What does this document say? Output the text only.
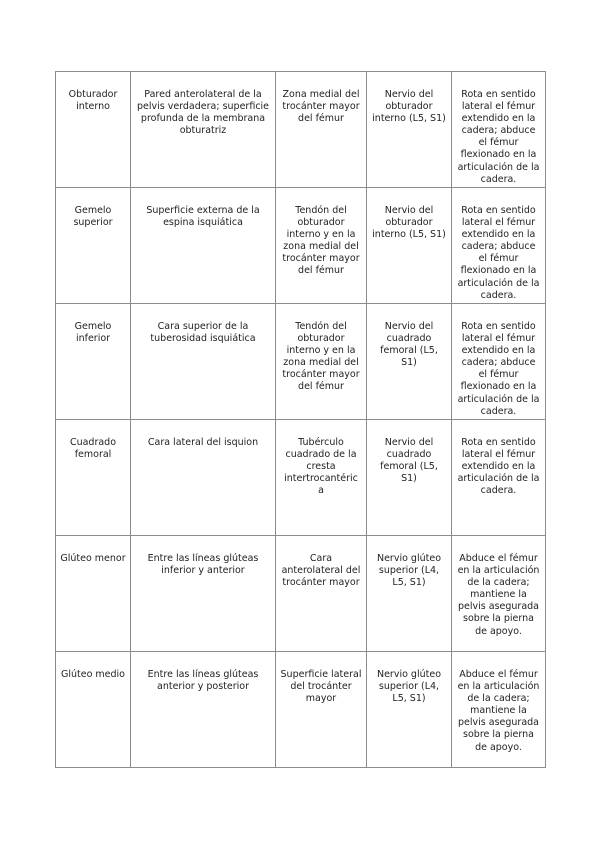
Obturador interno	Pared anterolateral de la pelvis verdadera; superficie profunda de la membrana obturatriz	Zona medial del trocánter mayor del fémur	Nervio del obturador interno (L5, S1)	Rota en sentido lateral el fémur extendido en la cadera; abduce el fémur flexionado en la articulación de la cadera.
Gemelo superior	Superficie externa de la espina isquiática	Tendón del obturador interno y en la zona medial del trocánter mayor del fémur	Nervio del obturador interno (L5, S1)	Rota en sentido lateral el fémur extendido en la cadera; abduce el fémur flexionado en la articulación de la cadera.
Gemelo inferior	Cara superior de la tuberosidad isquiática	Tendón del obturador interno y en la zona medial del trocánter mayor del fémur	Nervio del cuadrado femoral (L5, S1)	Rota en sentido lateral el fémur extendido en la cadera; abduce el fémur flexionado en la articulación de la cadera.
Cuadrado femoral	Cara lateral del isquion	Tubérculo cuadrado de la cresta intertrocantéric a	Nervio del cuadrado femoral (L5, S1)	Rota en sentido lateral el fémur extendido en la articulación de la cadera.
Glúteo menor	Entre las líneas glúteas inferior y anterior	Cara anterolateral del trocánter mayor	Nervio glúteo superior (L4, L5, S1)	Abduce el fémur en la articulación de la cadera; mantiene la pelvis asegurada sobre la pierna de apoyo.
Glúteo medio	Entre las líneas glúteas anterior y posterior	Superficie lateral del trocánter mayor	Nervio glúteo superior (L4, L5, S1)	Abduce el fémur en la articulación de la cadera; mantiene la pelvis asegurada sobre la pierna de apoyo.
